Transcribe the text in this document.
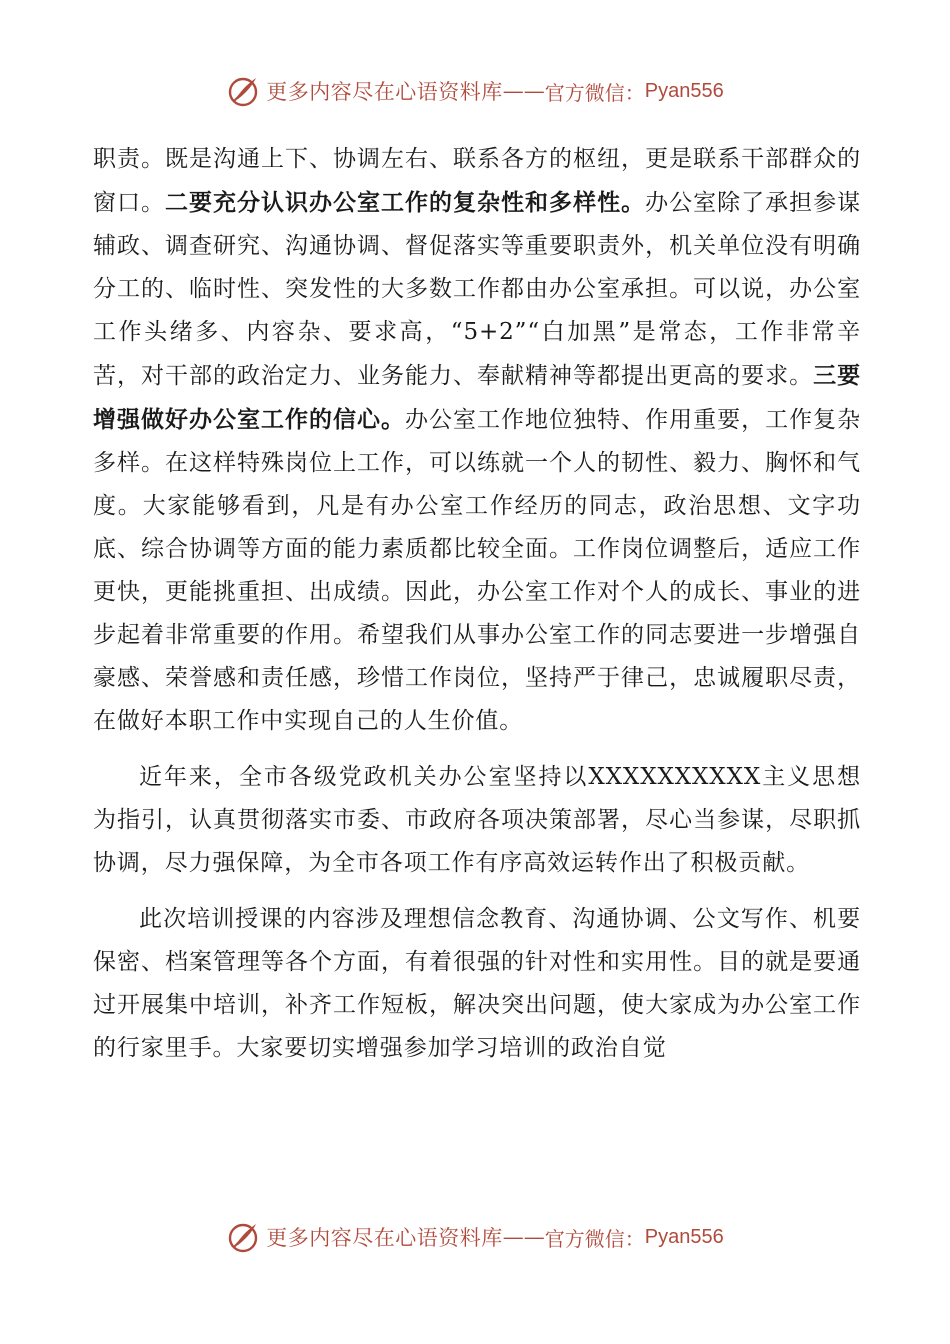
更多内容尽在心语资料库 —— 官方微信： Pyan556

职责。既是沟通上下、协调左右、联系各方的枢纽，更是联系干部群众的窗口。二要充分认识办公室工作的复杂性和多样性。办公室除了承担参谋辅政、调查研究、沟通协调、督促落实等重要职责外，机关单位没有明确分工的、临时性、突发性的大多数工作都由办公室承担。可以说，办公室工作头绪多、内容杂、要求高，“5+2”“白加黑”是常态，工作非常辛苦，对干部的政治定力、业务能力、奉献精神等都提出更高的要求。三要增强做好办公室工作的信心。办公室工作地位独特、作用重要，工作复杂多样。在这样特殊岗位上工作，可以练就一个人的韧性、毅力、胸怀和气度。大家能够看到，凡是有办公室工作经历的同志，政治思想、文字功底、综合协调等方面的能力素质都比较全面。工作岗位调整后，适应工作更快，更能挑重担、出成绩。因此，办公室工作对个人的成长、事业的进步起着非常重要的作用。希望我们从事办公室工作的同志要进一步增强自豪感、荣誉感和责任感，珍惜工作岗位，坚持严于律己，忠诚履职尽责，在做好本职工作中实现自己的人生价值。

近年来，全市各级党政机关办公室坚持以XXXXXXXXXX主义思想为指引，认真贯彻落实市委、市政府各项决策部署，尽心当参谋，尽职抓协调，尽力强保障，为全市各项工作有序高效运转作出了积极贡献。

此次培训授课的内容涉及理想信念教育、沟通协调、公文写作、机要保密、档案管理等各个方面，有着很强的针对性和实用性。目的就是要通过开展集中培训，补齐工作短板，解决突出问题，使大家成为办公室工作的行家里手。大家要切实增强参加学习培训的政治自觉

更多内容尽在心语资料库 —— 官方微信： Pyan556
